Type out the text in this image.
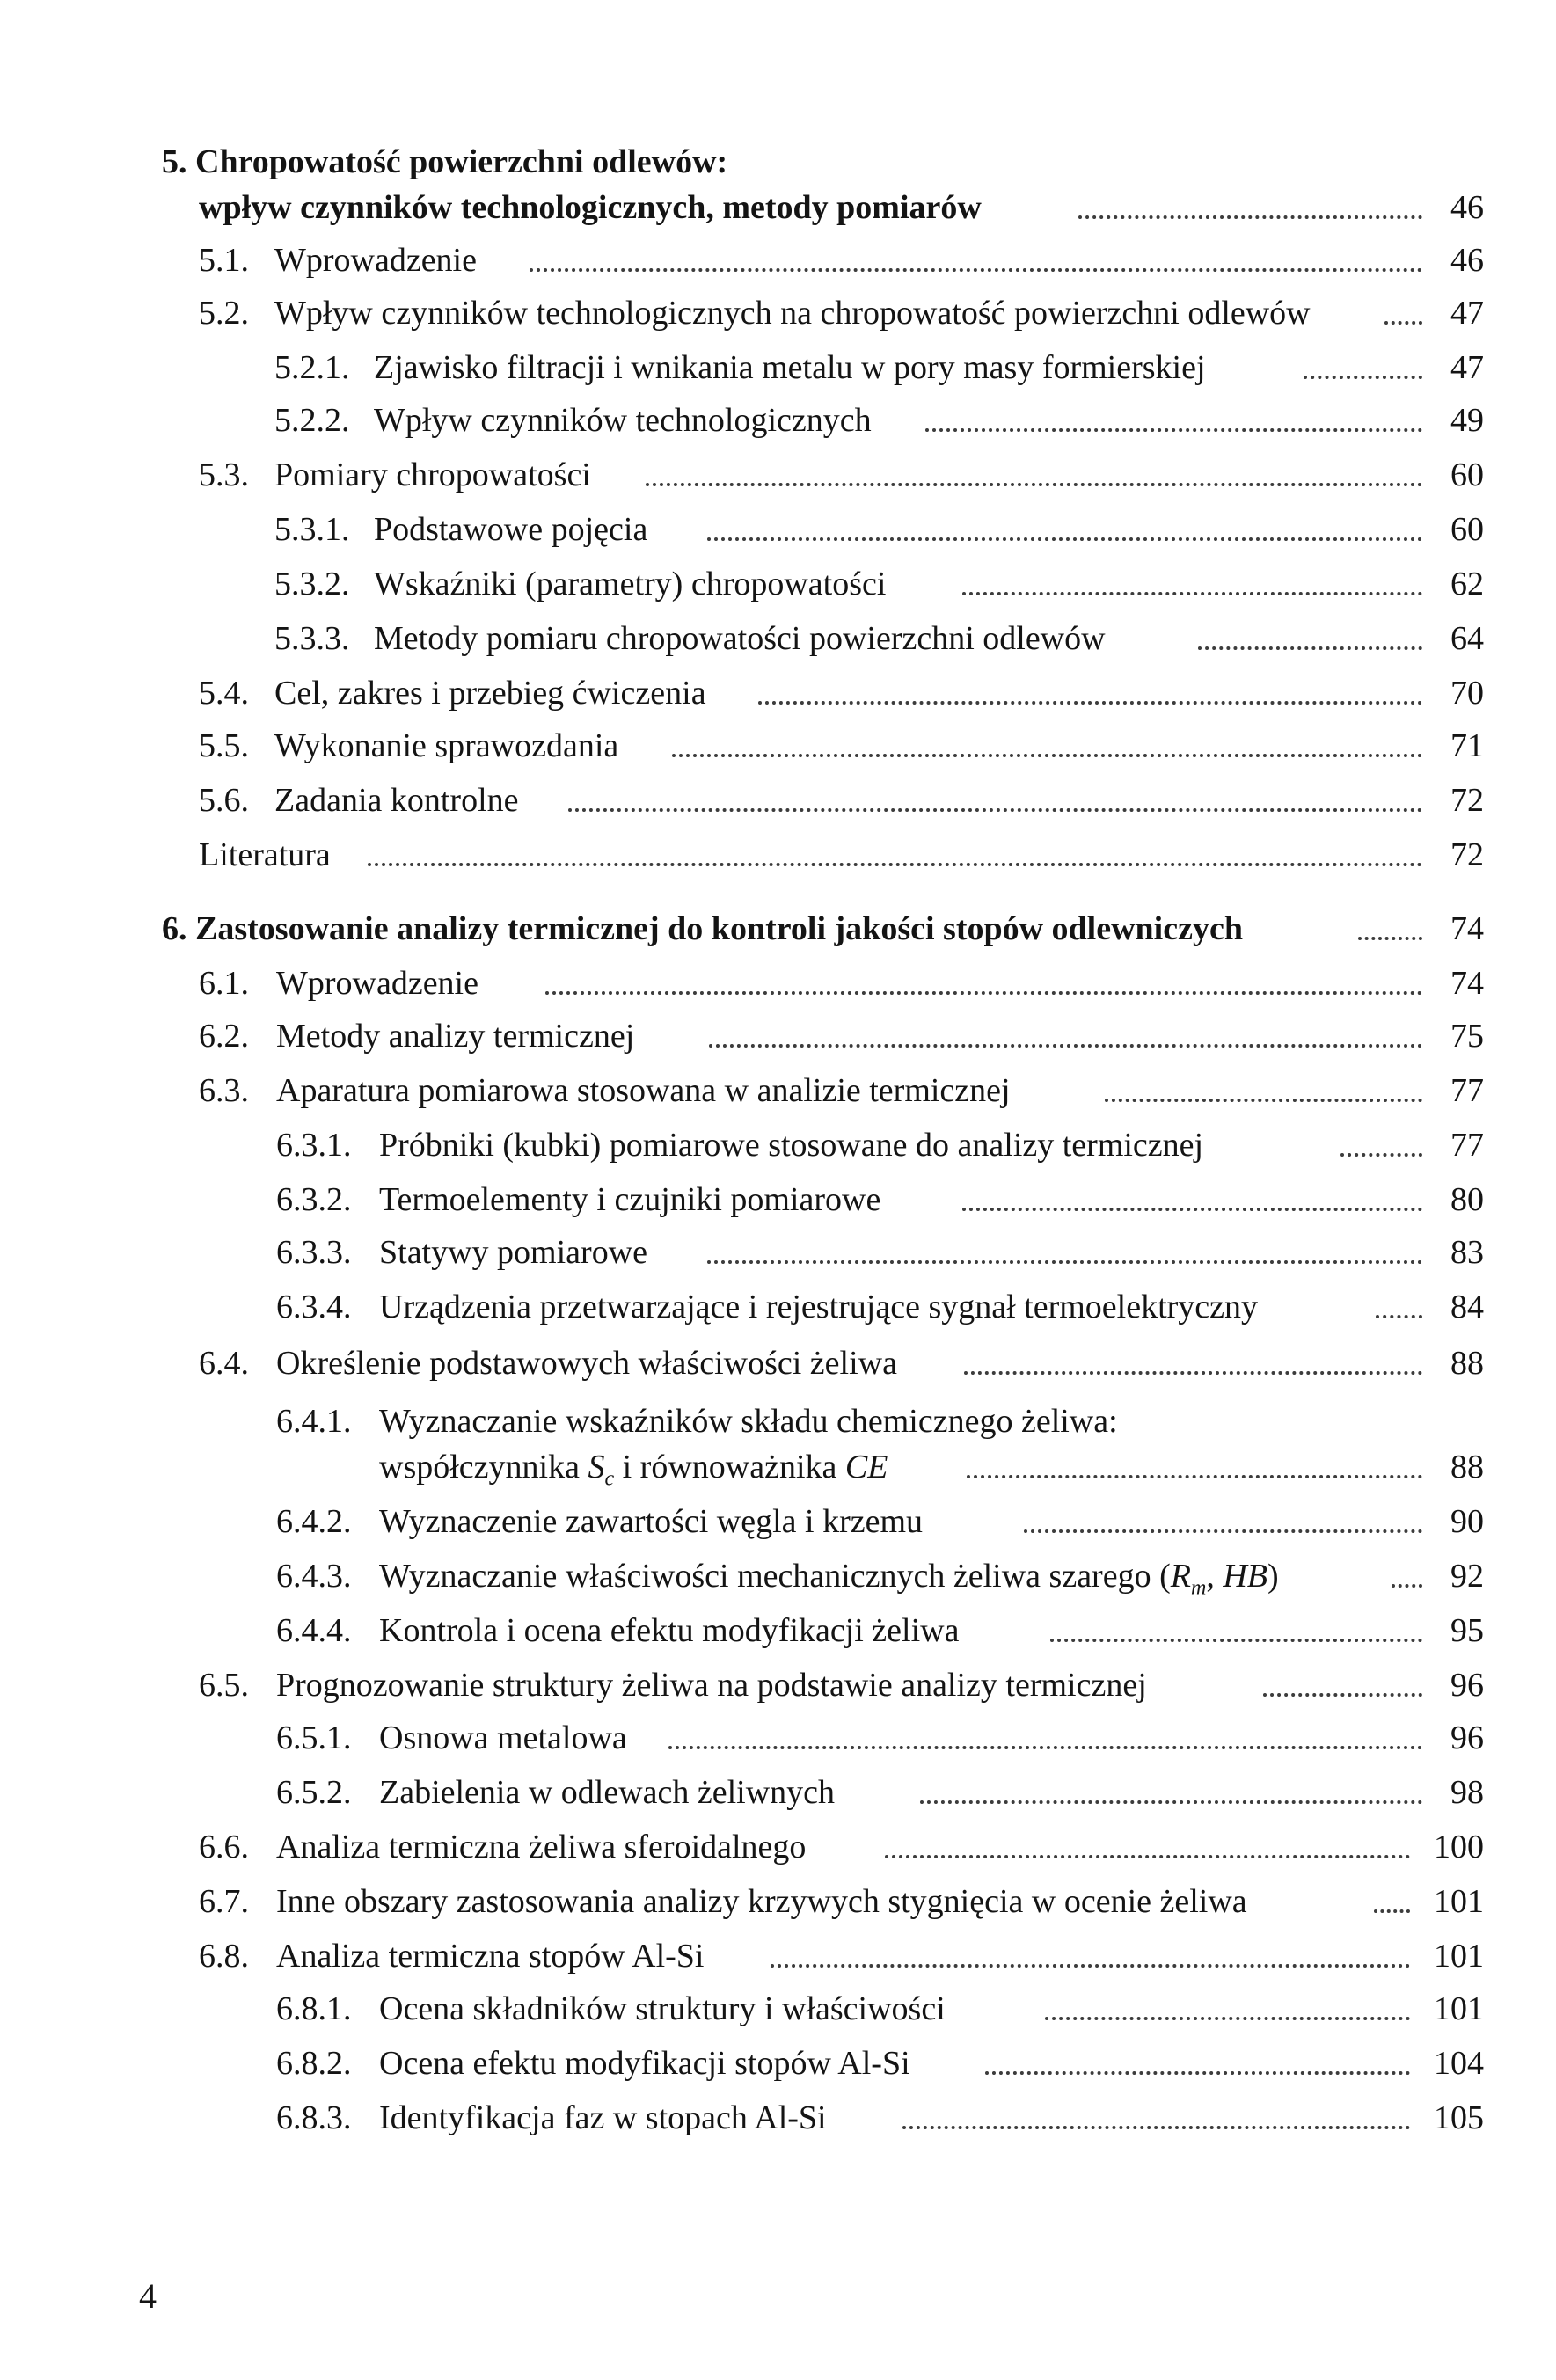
5. Chropowatość powierzchni odlewów:
wpływ czynników technologicznych, metody pomiarów	46
5.1. Wprowadzenie	46
5.2. Wpływ czynników technologicznych na chropowatość powierzchni odlewów	47
5.2.1. Zjawisko filtracji i wnikania metalu w pory masy formierskiej	47
5.2.2. Wpływ czynników technologicznych	49
5.3. Pomiary chropowatości	60
5.3.1. Podstawowe pojęcia	60
5.3.2. Wskaźniki (parametry) chropowatości	62
5.3.3. Metody pomiaru chropowatości powierzchni odlewów	64
5.4. Cel, zakres i przebieg ćwiczenia	70
5.5. Wykonanie sprawozdania	71
5.6. Zadania kontrolne	72
Literatura	72
6. Zastosowanie analizy termicznej do kontroli jakości stopów odlewniczych	74
6.1. Wprowadzenie	74
6.2. Metody analizy termicznej	75
6.3. Aparatura pomiarowa stosowana w analizie termicznej	77
6.3.1. Próbniki (kubki) pomiarowe stosowane do analizy termicznej	77
6.3.2. Termoelementy i czujniki pomiarowe	80
6.3.3. Statywy pomiarowe	83
6.3.4. Urządzenia przetwarzające i rejestrujące sygnał termoelektryczny	84
6.4. Określenie podstawowych właściwości żeliwa	88
6.4.1. Wyznaczanie wskaźników składu chemicznego żeliwa:
współczynnika $S_c$ i równoważnika CE	88
6.4.2. Wyznaczenie zawartości węgla i krzemu	90
6.4.3. Wyznaczanie właściwości mechanicznych żeliwa szarego ($R_m$, HB)	92
6.4.4. Kontrola i ocena efektu modyfikacji żeliwa	95
6.5. Prognozowanie struktury żeliwa na podstawie analizy termicznej	96
6.5.1. Osnowa metalowa	96
6.5.2. Zabielenia w odlewach żeliwnych	98
6.6. Analiza termiczna żeliwa sferoidalnego	100
6.7. Inne obszary zastosowania analizy krzywych stygnięcia w ocenie żeliwa	101
6.8. Analiza termiczna stopów Al-Si	101
6.8.1. Ocena składników struktury i właściwości	101
6.8.2. Ocena efektu modyfikacji stopów Al-Si	104
6.8.3. Identyfikacja faz w stopach Al-Si	105
4
